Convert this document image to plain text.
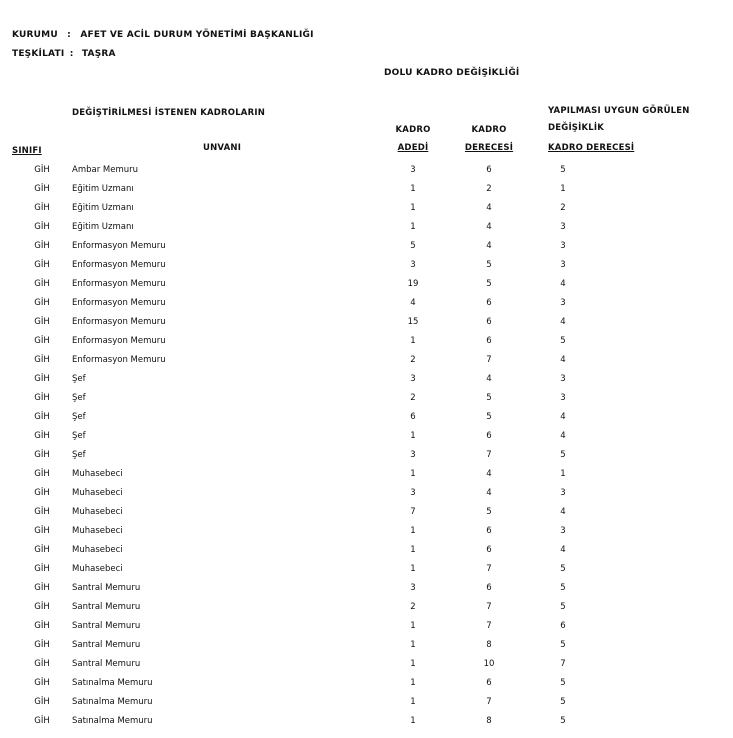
KURUMU : AFET VE ACİL DURUM YÖNETİMİ BAŞKANLIĞI
TEŞKİLATI : TAŞRA
DOLU KADRO DEĞİŞİKLİĞİ
DEĞİŞTİRİLMESİ İSTENEN KADROLARIN	YAPILMASI UYGUN GÖRÜLEN
DEĞİŞİKLİK
KADRO	KADRO
SINIFI	UNVANI	ADEDİ	DERECESİ	KADRO DERECESİ
GİH	Ambar Memuru	3	6	5
GİH	Eğitim Uzmanı	1	2	1
GİH	Eğitim Uzmanı	1	4	2
GİH	Eğitim Uzmanı	1	4	3
GİH	Enformasyon Memuru	5	4	3
GİH	Enformasyon Memuru	3	5	3
GİH	Enformasyon Memuru	19	5	4
GİH	Enformasyon Memuru	4	6	3
GİH	Enformasyon Memuru	15	6	4
GİH	Enformasyon Memuru	1	6	5
GİH	Enformasyon Memuru	2	7	4
GİH	Şef	3	4	3
GİH	Şef	2	5	3
GİH	Şef	6	5	4
GİH	Şef	1	6	4
GİH	Şef	3	7	5
GİH	Muhasebeci	1	4	1
GİH	Muhasebeci	3	4	3
GİH	Muhasebeci	7	5	4
GİH	Muhasebeci	1	6	3
GİH	Muhasebeci	1	6	4
GİH	Muhasebeci	1	7	5
GİH	Santral Memuru	3	6	5
GİH	Santral Memuru	2	7	5
GİH	Santral Memuru	1	7	6
GİH	Santral Memuru	1	8	5
GİH	Santral Memuru	1	10	7
GİH	Satınalma Memuru	1	6	5
GİH	Satınalma Memuru	1	7	5
GİH	Satınalma Memuru	1	8	5
